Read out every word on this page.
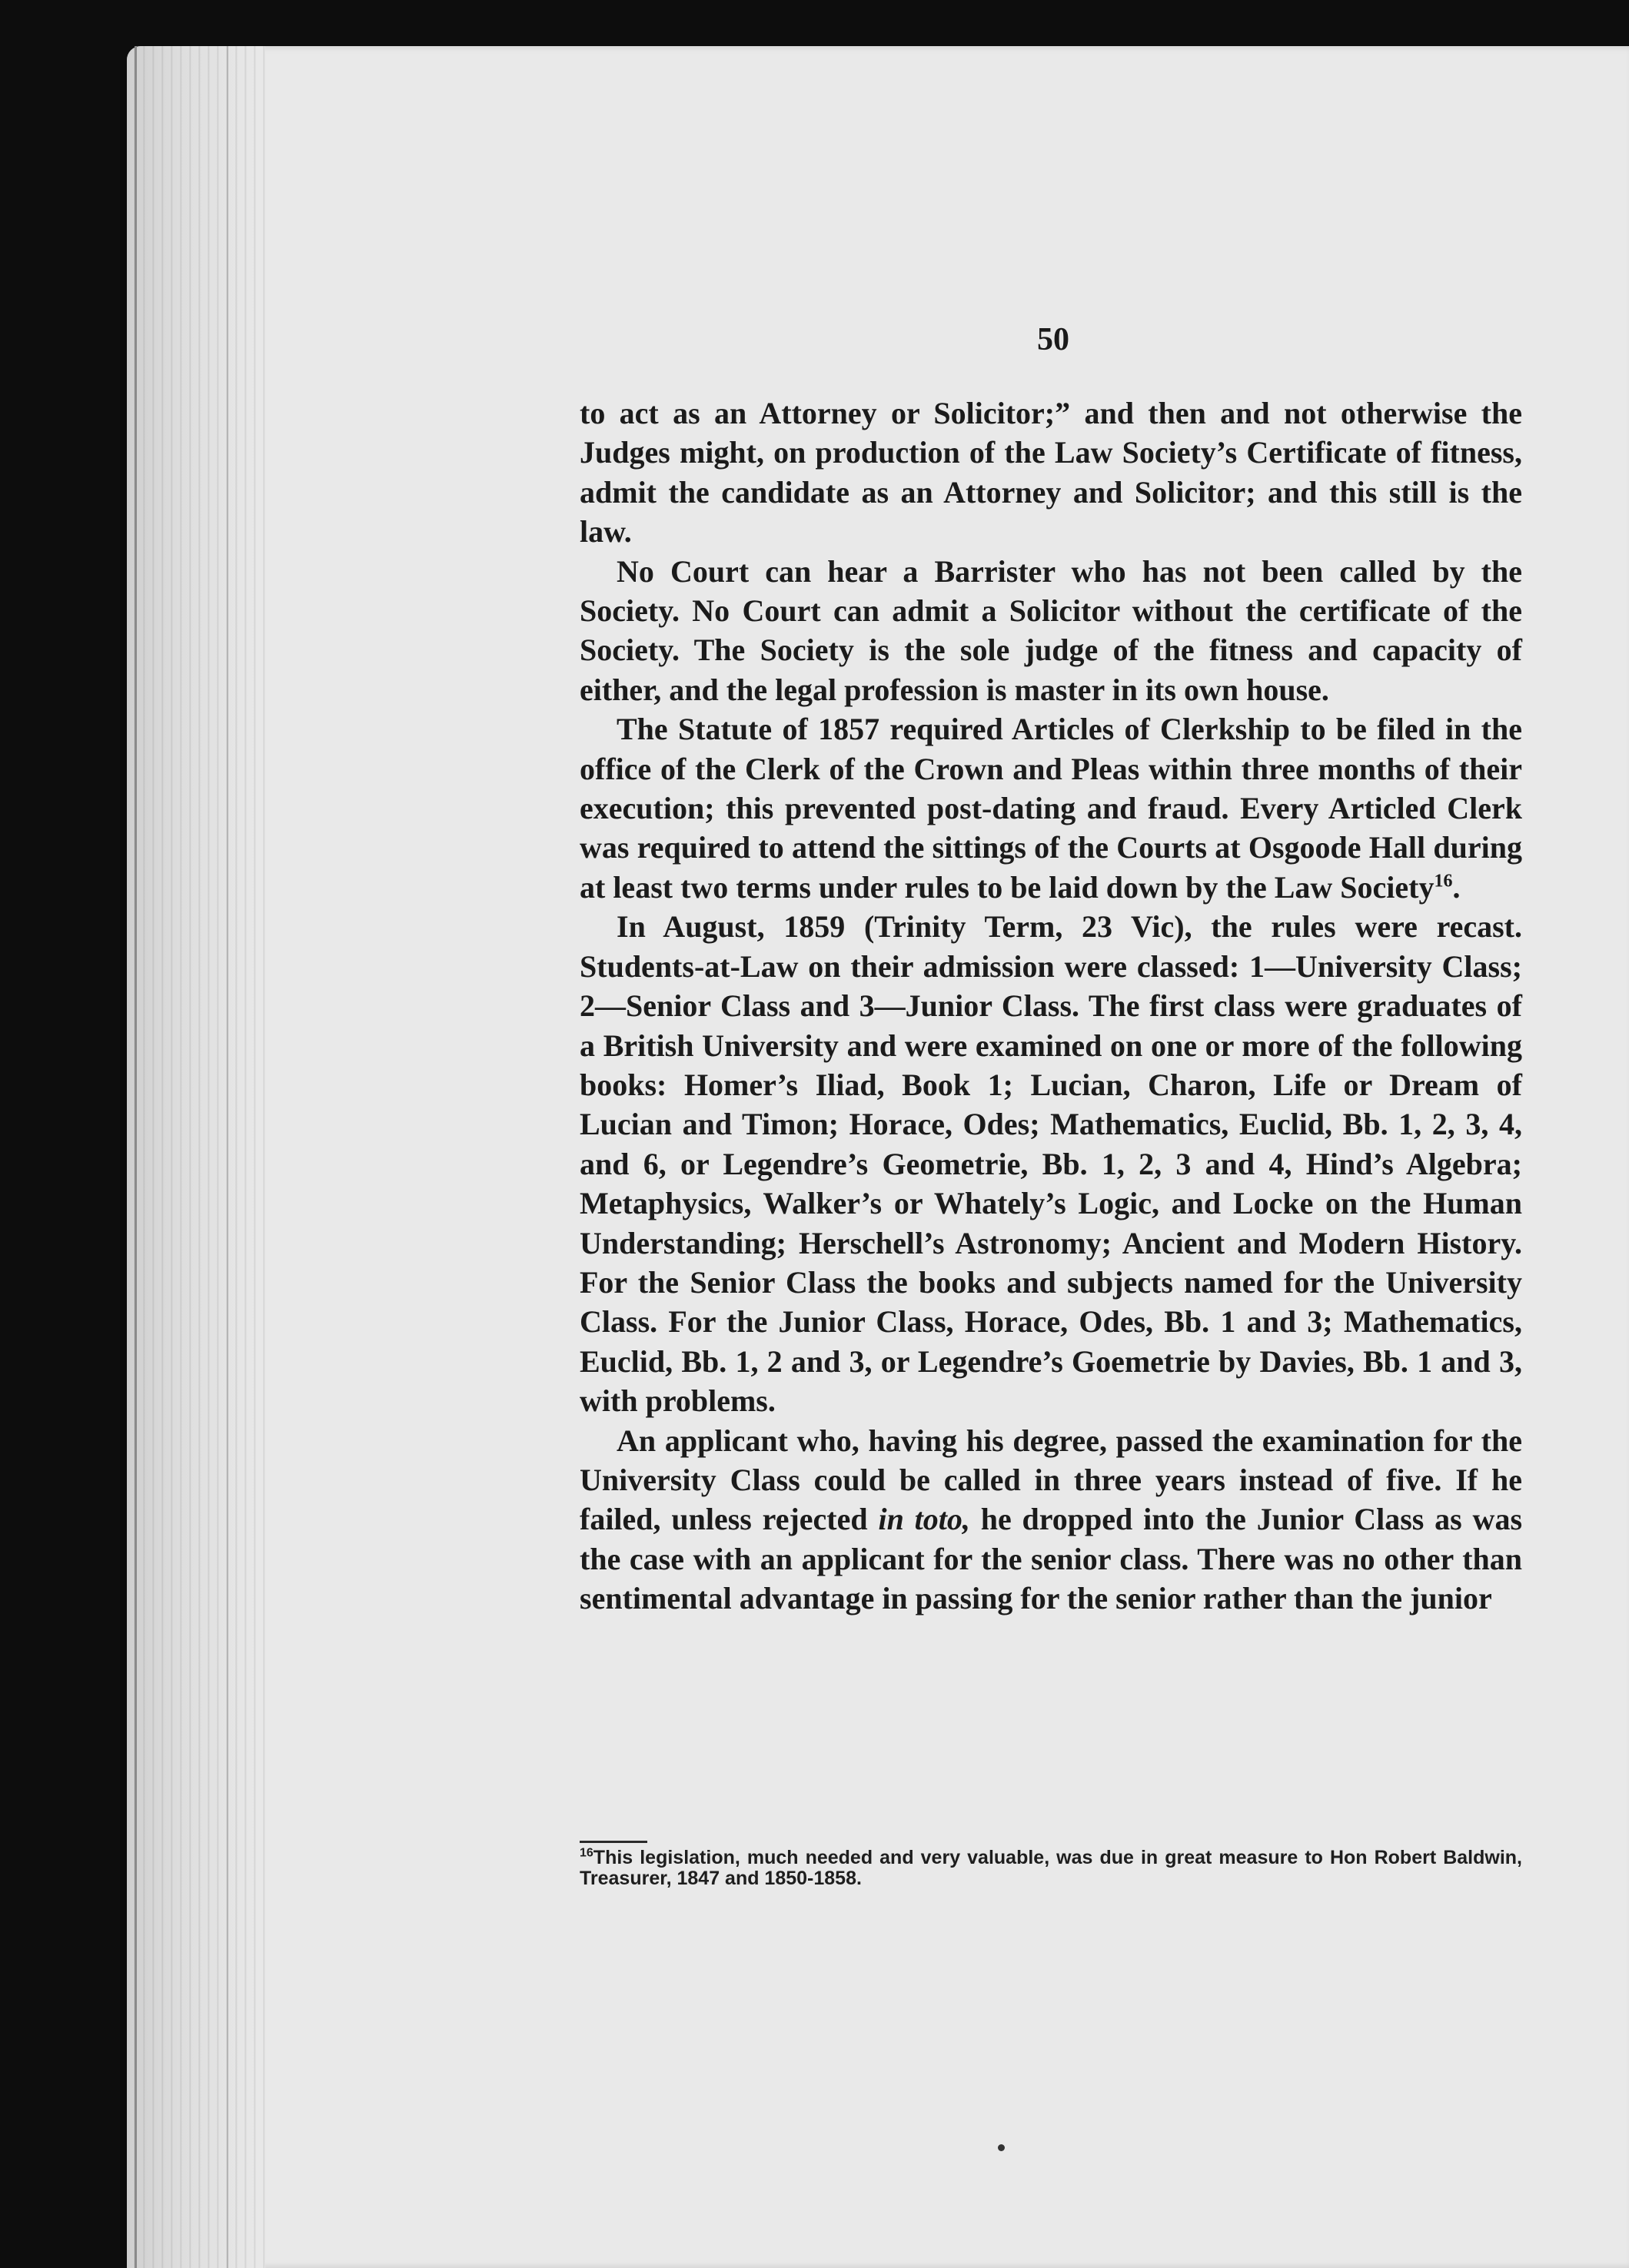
50

to act as an Attorney or Solicitor;” and then and not otherwise the Judges might, on production of the Law Society’s Certificate of fitness, admit the candidate as an Attorney and Solicitor; and this still is the law.

No Court can hear a Barrister who has not been called by the Society. No Court can admit a Solicitor without the certificate of the Society. The Society is the sole judge of the fitness and capacity of either, and the legal profession is master in its own house.

The Statute of 1857 required Articles of Clerkship to be filed in the office of the Clerk of the Crown and Pleas within three months of their execution; this prevented post-dating and fraud. Every Articled Clerk was required to attend the sittings of the Courts at Osgoode Hall during at least two terms under rules to be laid down by the Law Society$^{16}$.

In August, 1859 (Trinity Term, 23 Vic), the rules were recast. Students-at-Law on their admission were classed: 1—University Class; 2—Senior Class and 3—Junior Class. The first class were graduates of a British University and were examined on one or more of the following books: Homer’s Iliad, Book 1; Lucian, Charon, Life or Dream of Lucian and Timon; Horace, Odes; Mathematics, Euclid, Bb. 1, 2, 3, 4, and 6, or Legendre’s Geometrie, Bb. 1, 2, 3 and 4, Hind’s Algebra; Metaphysics, Walker’s or Whately’s Logic, and Locke on the Human Understanding; Herschell’s Astronomy; Ancient and Modern History. For the Senior Class the books and subjects named for the University Class. For the Junior Class, Horace, Odes, Bb. 1 and 3; Mathematics, Euclid, Bb. 1, 2 and 3, or Legendre’s Goemetrie by Davies, Bb. 1 and 3, with problems.

An applicant who, having his degree, passed the examination for the University Class could be called in three years instead of five. If he failed, unless rejected in toto, he dropped into the Junior Class as was the case with an applicant for the senior class. There was no other than sentimental advantage in passing for the senior rather than the junior

$^{16}$This legislation, much needed and very valuable, was due in great measure to Hon Robert Baldwin, Treasurer, 1847 and 1850-1858.
